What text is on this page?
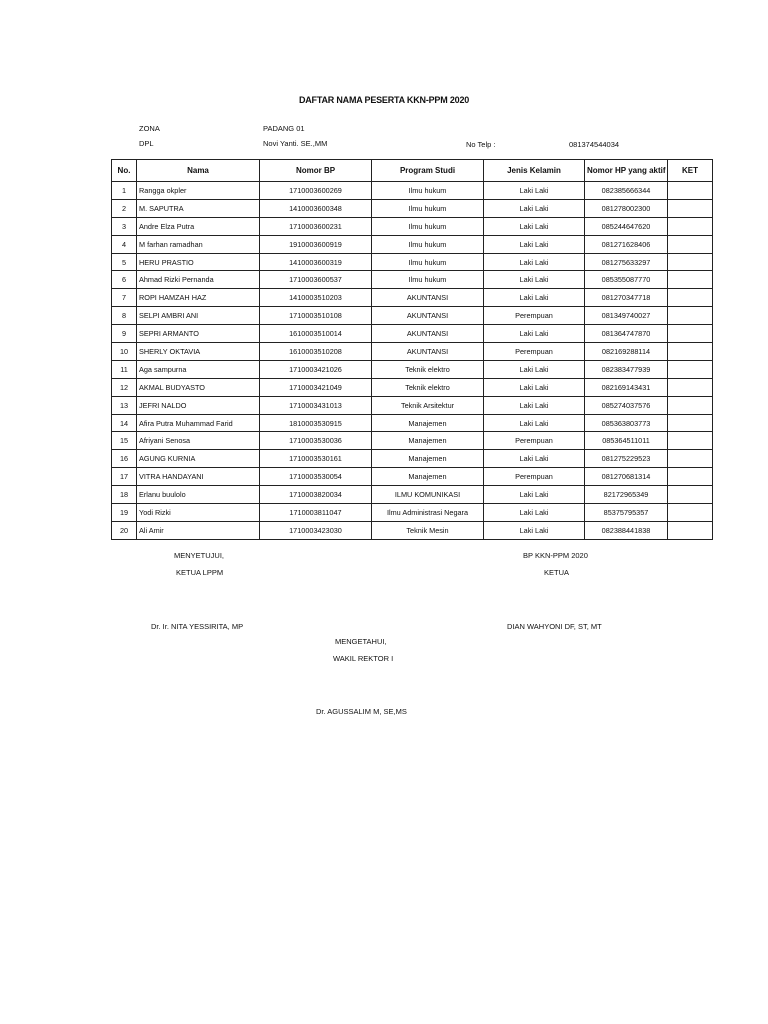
DAFTAR NAMA PESERTA KKN-PPM 2020
ZONA	PADANG 01
DPL	Novi Yanti. SE.,MM	No Telp :	081374544034
No.	Nama	Nomor BP	Program Studi	Jenis Kelamin	Nomor HP yang aktif	KET
1	Rangga okpler	1710003600269	Ilmu hukum	Laki Laki	082385666344	
2	M. SAPUTRA	1410003600348	Ilmu hukum	Laki Laki	081278002300	
3	Andre Elza Putra	1710003600231	Ilmu hukum	Laki Laki	085244647620	
4	M farhan ramadhan	1910003600919	Ilmu hukum	Laki Laki	081271628406	
5	HERU PRASTIO	1410003600319	Ilmu hukum	Laki Laki	081275633297	
6	Ahmad Rizki Pernanda	1710003600537	Ilmu hukum	Laki Laki	085355087770	
7	ROPI HAMZAH HAZ	1410003510203	AKUNTANSI	Laki Laki	081270347718	
8	SELPI AMBRI ANI	1710003510108	AKUNTANSI	Perempuan	081349740027	
9	SEPRI ARMANTO	1610003510014	AKUNTANSI	Laki Laki	081364747870	
10	SHERLY OKTAVIA	1610003510208	AKUNTANSI	Perempuan	082169288114	
11	Aga sampurna	1710003421026	Teknik elektro	Laki Laki	082383477939	
12	AKMAL BUDYASTO	1710003421049	Teknik elektro	Laki Laki	082169143431	
13	JEFRI NALDO	1710003431013	Teknik Arsitektur	Laki Laki	085274037576	
14	Afira Putra Muhammad Farid	1810003530915	Manajemen	Laki Laki	085363803773	
15	Afriyani Senosa	1710003530036	Manajemen	Perempuan	085364511011	
16	AGUNG KURNIA	1710003530161	Manajemen	Laki Laki	081275229523	
17	VITRA HANDAYANI	1710003530054	Manajemen	Perempuan	081270681314	
18	Erlanu buulolo	1710003820034	ILMU KOMUNIKASI	Laki Laki	82172965349	
19	Yodi Rizki	1710003811047	Ilmu Administrasi Negara	Laki Laki	85375795357	
20	Ali Amir	1710003423030	Teknik Mesin	Laki Laki	082388441838	
MENYETUJUI,
KETUA LPPM
BP KKN-PPM 2020
KETUA
Dr. Ir. NITA YESSIRITA, MP	DIAN WAHYONI DF, ST, MT
MENGETAHUI,
WAKIL REKTOR I
Dr. AGUSSALIM M, SE,MS
